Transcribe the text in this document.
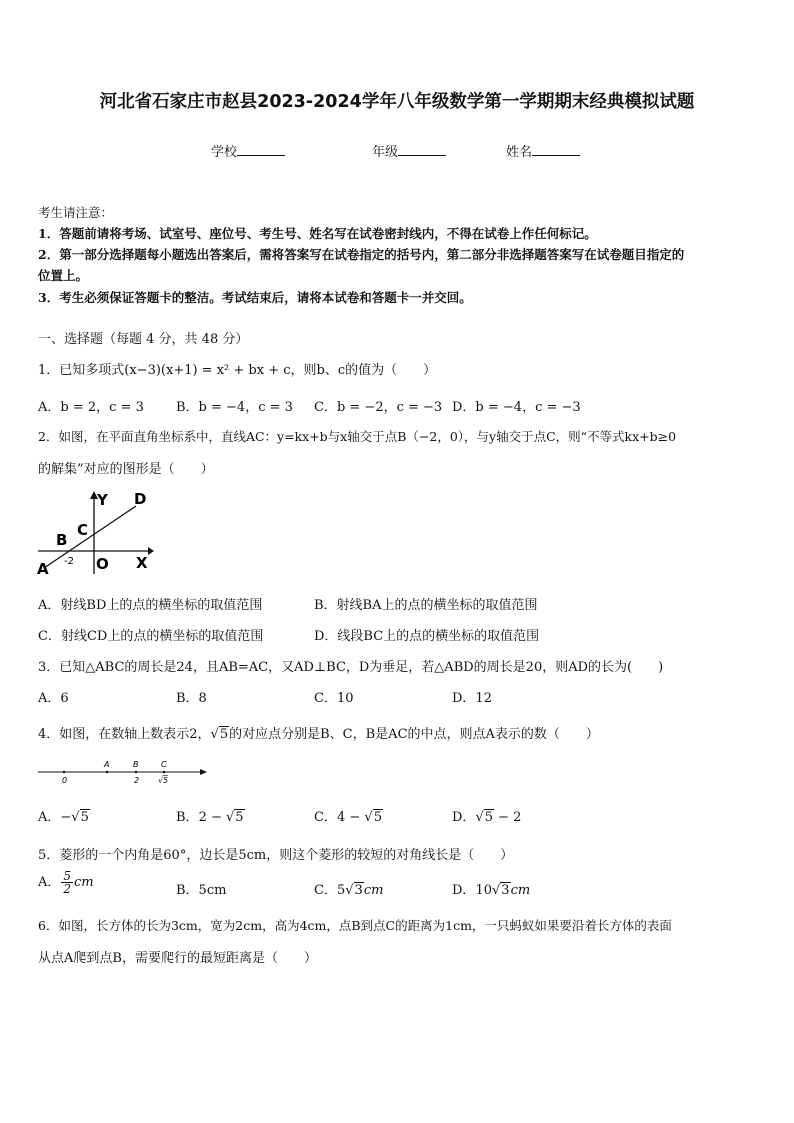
河北省石家庄市赵县2023-2024学年八年级数学第一学期期末经典模拟试题
学校	年级	姓名
考生请注意：
1．答题前请将考场、试室号、座位号、考生号、姓名写在试卷密封线内，不得在试卷上作任何标记。
2．第一部分选择题每小题选出答案后，需将答案写在试卷指定的括号内，第二部分非选择题答案写在试卷题目指定的
位置上。
3．考生必须保证答题卡的整洁。考试结束后，请将本试卷和答题卡一并交回。
一、选择题（每题 4 分，共 48 分）
1．已知多项式(x−3)(x+1) = x² + bx + c，则b、c的值为（　　）
A．b = 2，c = 3 B．b = −4，c = 3 C．b = −2，c = −3 D．b = −4，c = −3
2．如图，在平面直角坐标系中，直线AC：y=kx+b与x轴交于点B（−2，0），与y轴交于点C，则“不等式kx+b≥0
的解集”对应的图形是（　　）
A
B
C
D
Y
X
O
-2
A．射线BD上的点的横坐标的取值范围	B．射线BA上的点的横坐标的取值范围
C．射线CD上的点的横坐标的取值范围	D．线段BC上的点的横坐标的取值范围
3．已知△ABC的周长是24，且AB=AC，又AD⊥BC，D为垂足，若△ABD的周长是20，则AD的长为(　　)
A．6	B．8	C．10	D．12
4．如图，在数轴上数表示2，√5的对应点分别是B、C，B是AC的中点，则点A表示的数（　　）
0
A	B	C
2 √ 5
A．−√5	B．2 − √5	C．4 − √5	D．√5 − 2
5．菱形的一个内角是60°，边长是5cm，则这个菱形的较短的对角线长是（　　）
A． $\frac{5}{2}$ cm
B．5cm	C．5√3cm	D．10√3cm
6．如图，长方体的长为3cm，宽为2cm，高为4cm，点B到点C的距离为1cm，一只蚂蚁如果要沿着长方体的表面
从点A爬到点B，需要爬行的最短距离是（　　）
